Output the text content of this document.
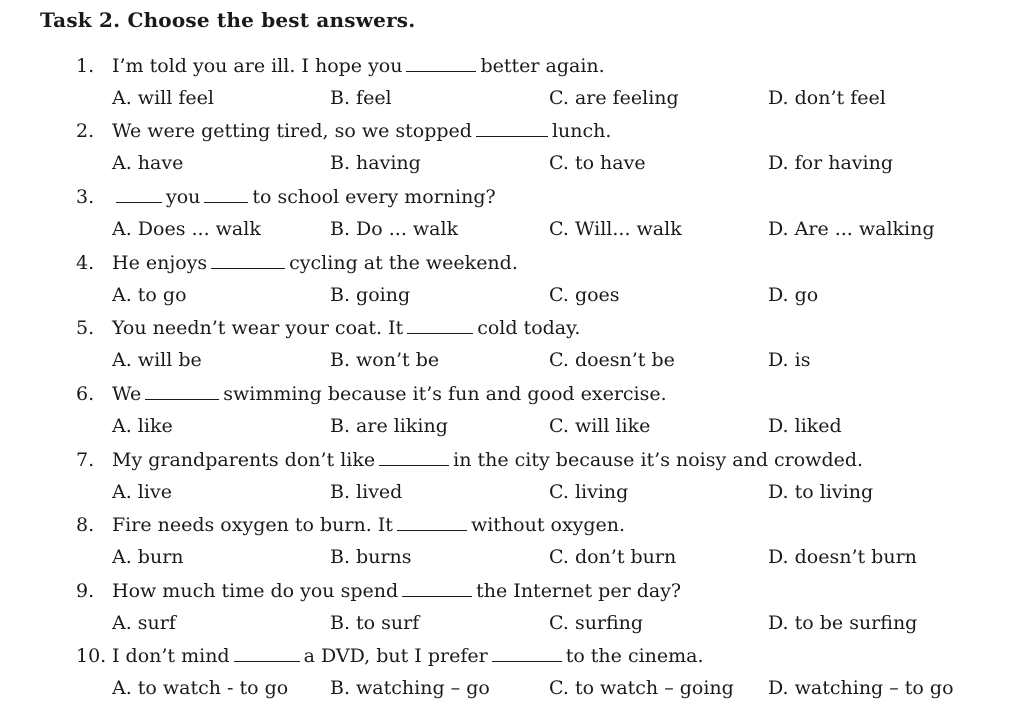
Task 2. Choose the best answers.
1. I’m told you are ill. I hope you	better again.
A. will feel	B. feel	C. are feeling	D. don’t feel
2. We were getting tired, so we stopped	lunch.
A. have	B. having	C. to have	D. for having
3.	you	to school every morning?
A. Does ... walk	B. Do ... walk	C. Will... walk	D. Are ... walking
4. He enjoys	cycling at the weekend.
A. to go	B. going	C. goes	D. go
5. You needn’t wear your coat. It	cold today.
A. will be	B. won’t be	C. doesn’t be	D. is
6. We	swimming because it’s fun and good exercise.
A. like	B. are liking	C. will like	D. liked
7. My grandparents don’t like	in the city because it’s noisy and crowded.
A. live	B. lived	C. living	D. to living
8. Fire needs oxygen to burn. It	without oxygen.
A. burn	B. burns	C. don’t burn	D. doesn’t burn
9. How much time do you spend	the Internet per day?
A. surf	B. to surf	C. surfing	D. to be surfing
10. I don’t mind	a DVD, but I prefer	to the cinema.
A. to watch - to go B. watching – go	C. to watch – going D. watching – to go
